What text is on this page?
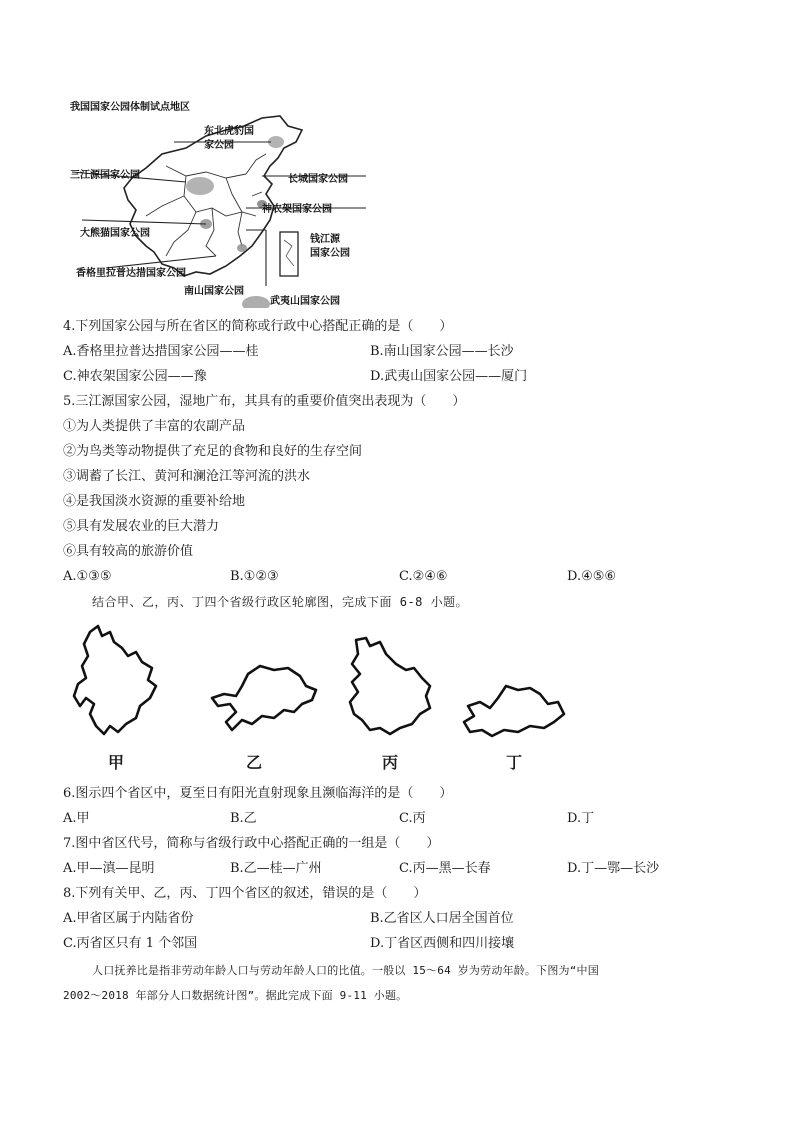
我国国家公园体制试点地区
东北虎豹国
家公园
三江源国家公园	长城国家公园
神农架国家公园
大熊猫国家公园
钱江源
国家公园
香格里拉普达措国家公园
南山国家公园
武夷山国家公园
4.下列国家公园与所在省区的简称或行政中心搭配正确的是（　　）
A.香格里拉普达措国家公园——桂	B.南山国家公园——长沙
C.神农架国家公园——豫	D.武夷山国家公园——厦门
5.三江源国家公园，湿地广布，其具有的重要价值突出表现为（　　）
①为人类提供了丰富的农副产品
②为鸟类等动物提供了充足的食物和良好的生存空间
③调蓄了长江、黄河和澜沧江等河流的洪水
④是我国淡水资源的重要补给地
⑤具有发展农业的巨大潜力
⑥具有较高的旅游价值
A.①③⑤	B.①②③	C.②④⑥	D.④⑤⑥
结合甲、乙，丙、丁四个省级行政区轮廓图，完成下面 6-8 小题。
甲	乙	丙	丁
6.图示四个省区中，夏至日有阳光直射现象且濒临海洋的是（　　）
A.甲	B.乙	C.丙	D.丁
7.图中省区代号，简称与省级行政中心搭配正确的一组是（　　）
A.甲—滇—昆明	B.乙—桂—广州	C.丙—黑—长春	D.丁—鄂—长沙
8.下列有关甲、乙，丙、丁四个省区的叙述，错误的是（　　）
A.甲省区属于内陆省份	B.乙省区人口居全国首位
C.丙省区只有 1 个邻国	D.丁省区西侧和四川接壤
人口抚养比是指非劳动年龄人口与劳动年龄人口的比值。一般以 15～64 岁为劳动年龄。下图为“中国
2002～2018 年部分人口数据统计图”。据此完成下面 9-11 小题。
